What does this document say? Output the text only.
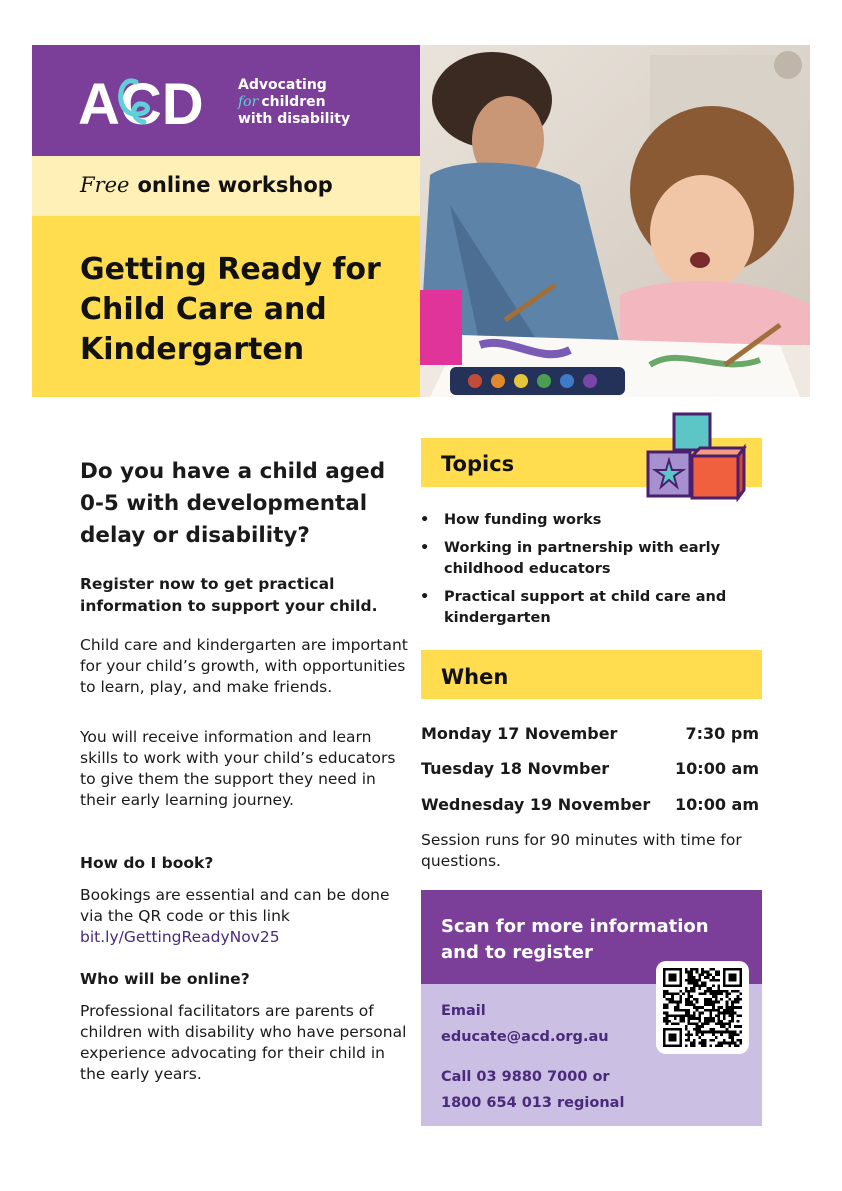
ACD Advocating
for children
with disability
Free online workshop
Getting Ready for Child Care and Kindergarten
Do you have a child aged 0-5 with developmental delay or disability?

Register now to get practical information to support your child.

Child care and kindergarten are important for your child’s growth, with opportunities to learn, play, and make friends.

You will receive information and learn skills to work with your child’s educators to give them the support they need in their early learning journey.

How do I book?

Bookings are essential and can be done via the QR code or this link bit.ly/GettingReadyNov25

Who will be online?

Professional facilitators are parents of children with disability who have personal experience advocating for their child in the early years.

Topics
• How funding works
• Working in partnership with early childhood educators
• Practical support at child care and kindergarten
When
Monday 17 November	7:30 pm
Tuesday 18 Novmber	10:00 am
Wednesday 19 November 10:00 am

Session runs for 90 minutes with time for questions.

Scan for more information and to register
Email
educate@acd.org.au
Call 03 9880 7000 or
1800 654 013 regional
